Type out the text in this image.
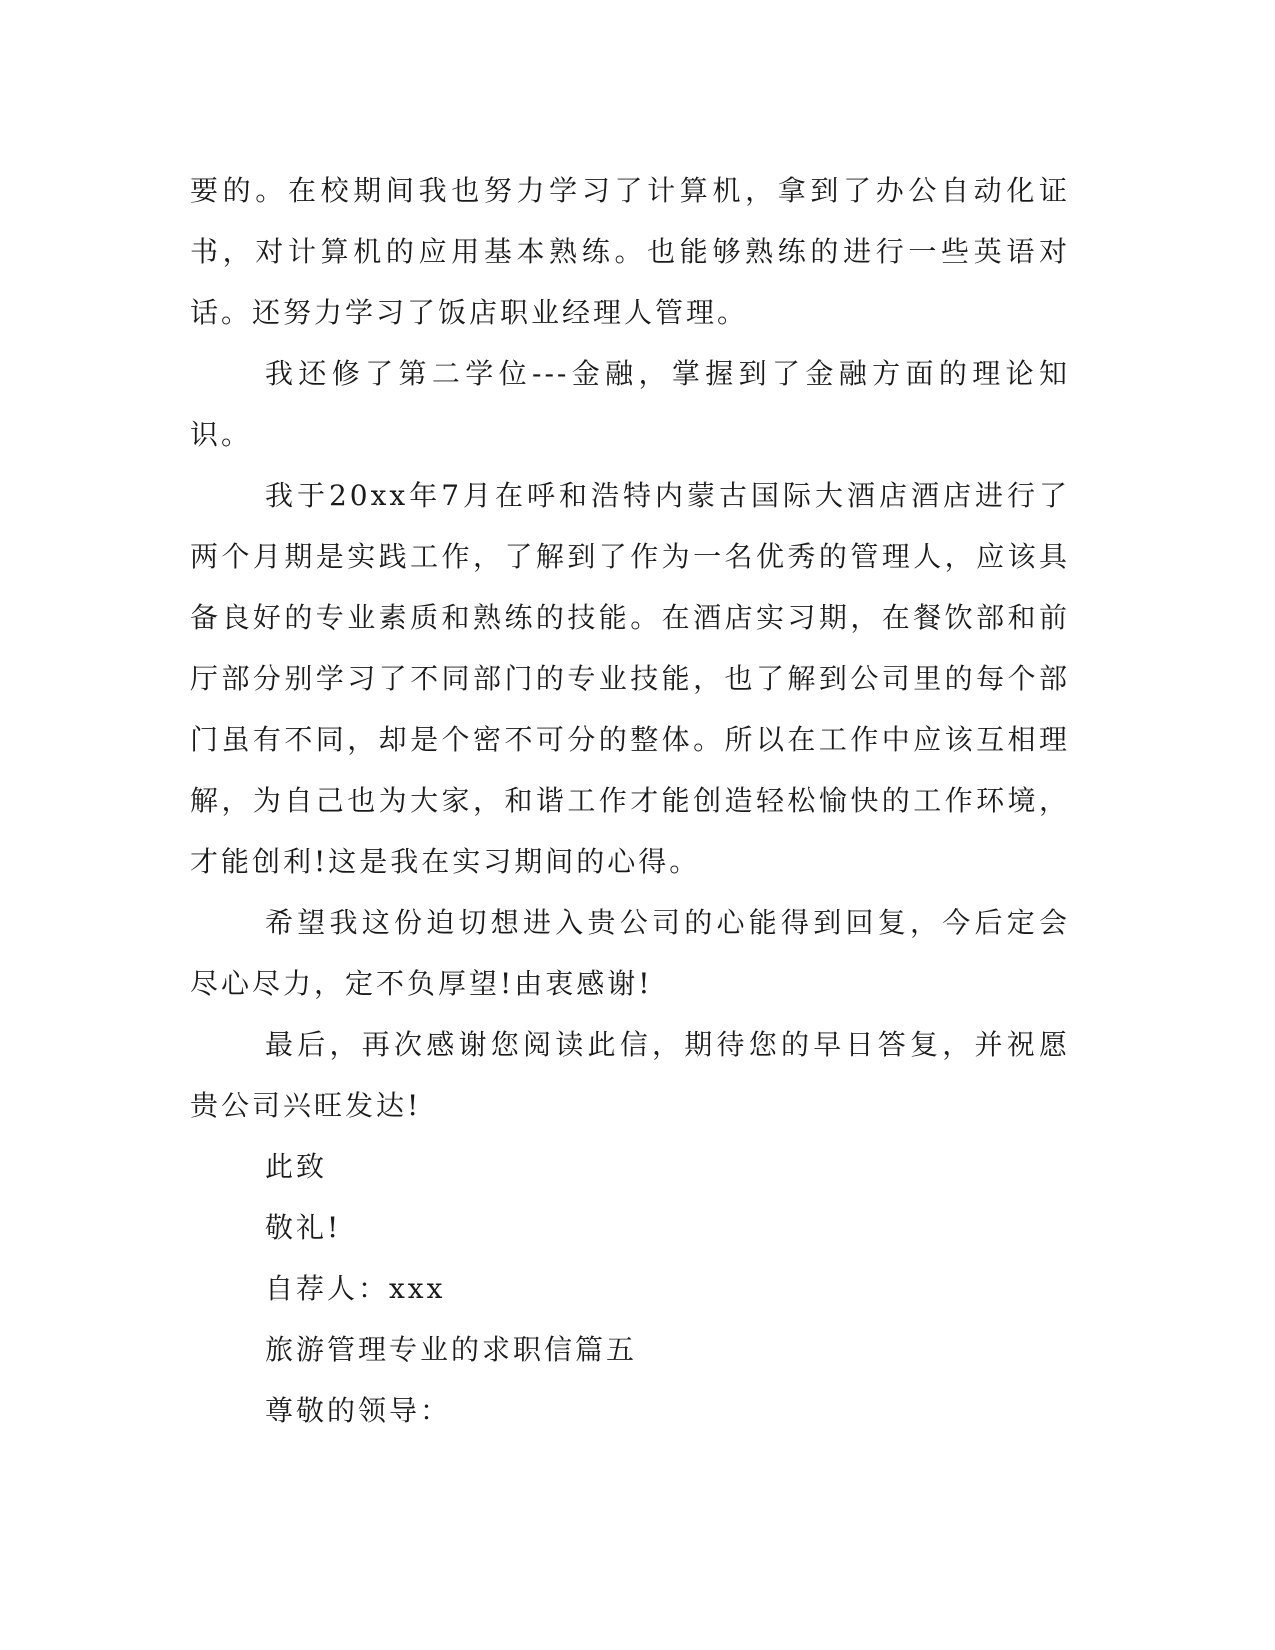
要的。在校期间我也努力学习了计算机，拿到了办公自动化证书，对计算机的应用基本熟练。也能够熟练的进行一些英语对话。还努力学习了饭店职业经理人管理。

我还修了第二学位---金融，掌握到了金融方面的理论知识。

我于20xx年7月在呼和浩特内蒙古国际大酒店酒店进行了两个月期是实践工作，了解到了作为一名优秀的管理人，应该具备良好的专业素质和熟练的技能。在酒店实习期，在餐饮部和前厅部分别学习了不同部门的专业技能，也了解到公司里的每个部门虽有不同，却是个密不可分的整体。所以在工作中应该互相理解，为自己也为大家，和谐工作才能创造轻松愉快的工作环境，才能创利!这是我在实习期间的心得。

希望我这份迫切想进入贵公司的心能得到回复，今后定会尽心尽力，定不负厚望!由衷感谢!

最后，再次感谢您阅读此信，期待您的早日答复，并祝愿贵公司兴旺发达!

此致

敬礼!

自荐人：xxx

旅游管理专业的求职信篇五

尊敬的领导：
